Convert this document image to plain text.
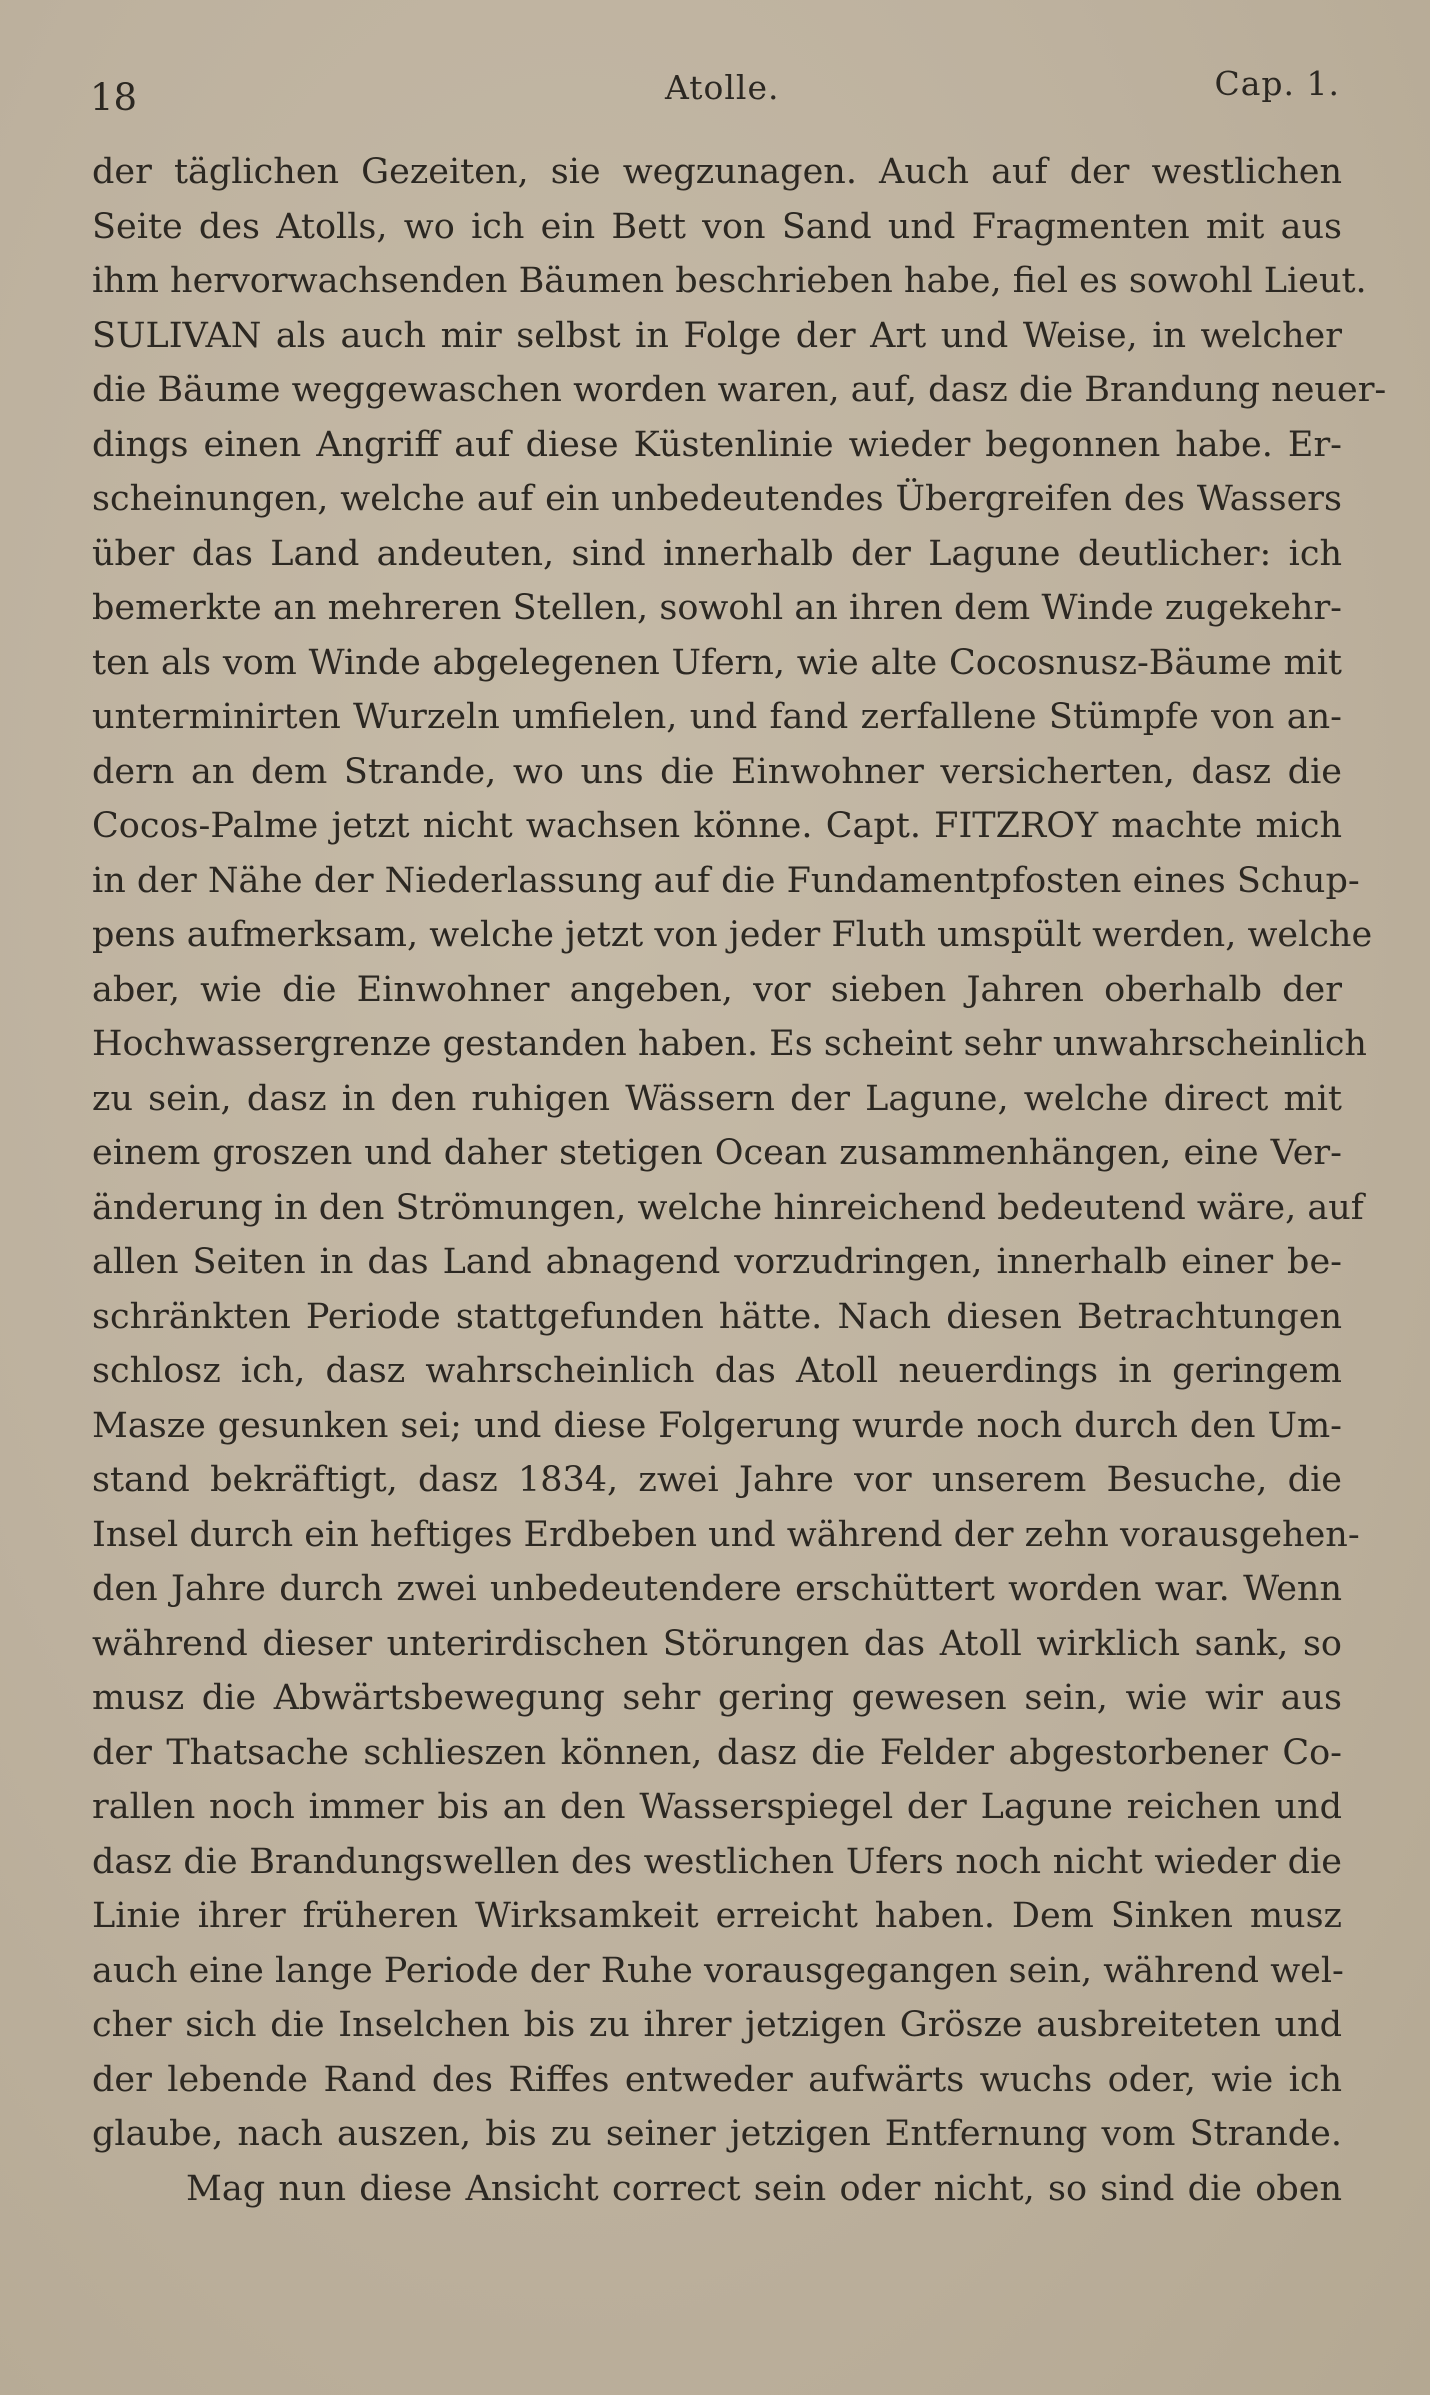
18	Atolle.	Cap. 1.
der täglichen Gezeiten, sie wegzunagen. Auch auf der westlichen
Seite des Atolls, wo ich ein Bett von Sand und Fragmenten mit aus
ihm hervorwachsenden Bäumen beschrieben habe, fiel es sowohl Lieut.
SULIVAN als auch mir selbst in Folge der Art und Weise, in welcher
die Bäume weggewaschen worden waren, auf, dasz die Brandung neuer-
dings einen Angriff auf diese Küstenlinie wieder begonnen habe. Er-
scheinungen, welche auf ein unbedeutendes Übergreifen des Wassers
über das Land andeuten, sind innerhalb der Lagune deutlicher: ich
bemerkte an mehreren Stellen, sowohl an ihren dem Winde zugekehr-
ten als vom Winde abgelegenen Ufern, wie alte Cocosnusz-Bäume mit
unterminirten Wurzeln umfielen, und fand zerfallene Stümpfe von an-
dern an dem Strande, wo uns die Einwohner versicherten, dasz die
Cocos-Palme jetzt nicht wachsen könne. Capt. FITZROY machte mich
in der Nähe der Niederlassung auf die Fundamentpfosten eines Schup-
pens aufmerksam, welche jetzt von jeder Fluth umspült werden, welche
aber, wie die Einwohner angeben, vor sieben Jahren oberhalb der
Hochwassergrenze gestanden haben. Es scheint sehr unwahrscheinlich
zu sein, dasz in den ruhigen Wässern der Lagune, welche direct mit
einem groszen und daher stetigen Ocean zusammenhängen, eine Ver-
änderung in den Strömungen, welche hinreichend bedeutend wäre, auf
allen Seiten in das Land abnagend vorzudringen, innerhalb einer be-
schränkten Periode stattgefunden hätte. Nach diesen Betrachtungen
schlosz ich, dasz wahrscheinlich das Atoll neuerdings in geringem
Masze gesunken sei; und diese Folgerung wurde noch durch den Um-
stand bekräftigt, dasz 1834, zwei Jahre vor unserem Besuche, die
Insel durch ein heftiges Erdbeben und während der zehn vorausgehen-
den Jahre durch zwei unbedeutendere erschüttert worden war. Wenn
während dieser unterirdischen Störungen das Atoll wirklich sank, so
musz die Abwärtsbewegung sehr gering gewesen sein, wie wir aus
der Thatsache schlieszen können, dasz die Felder abgestorbener Co-
rallen noch immer bis an den Wasserspiegel der Lagune reichen und
dasz die Brandungswellen des westlichen Ufers noch nicht wieder die
Linie ihrer früheren Wirksamkeit erreicht haben. Dem Sinken musz
auch eine lange Periode der Ruhe vorausgegangen sein, während wel-
cher sich die Inselchen bis zu ihrer jetzigen Grösze ausbreiteten und
der lebende Rand des Riffes entweder aufwärts wuchs oder, wie ich
glaube, nach auszen, bis zu seiner jetzigen Entfernung vom Strande.
Mag nun diese Ansicht correct sein oder nicht, so sind die oben
